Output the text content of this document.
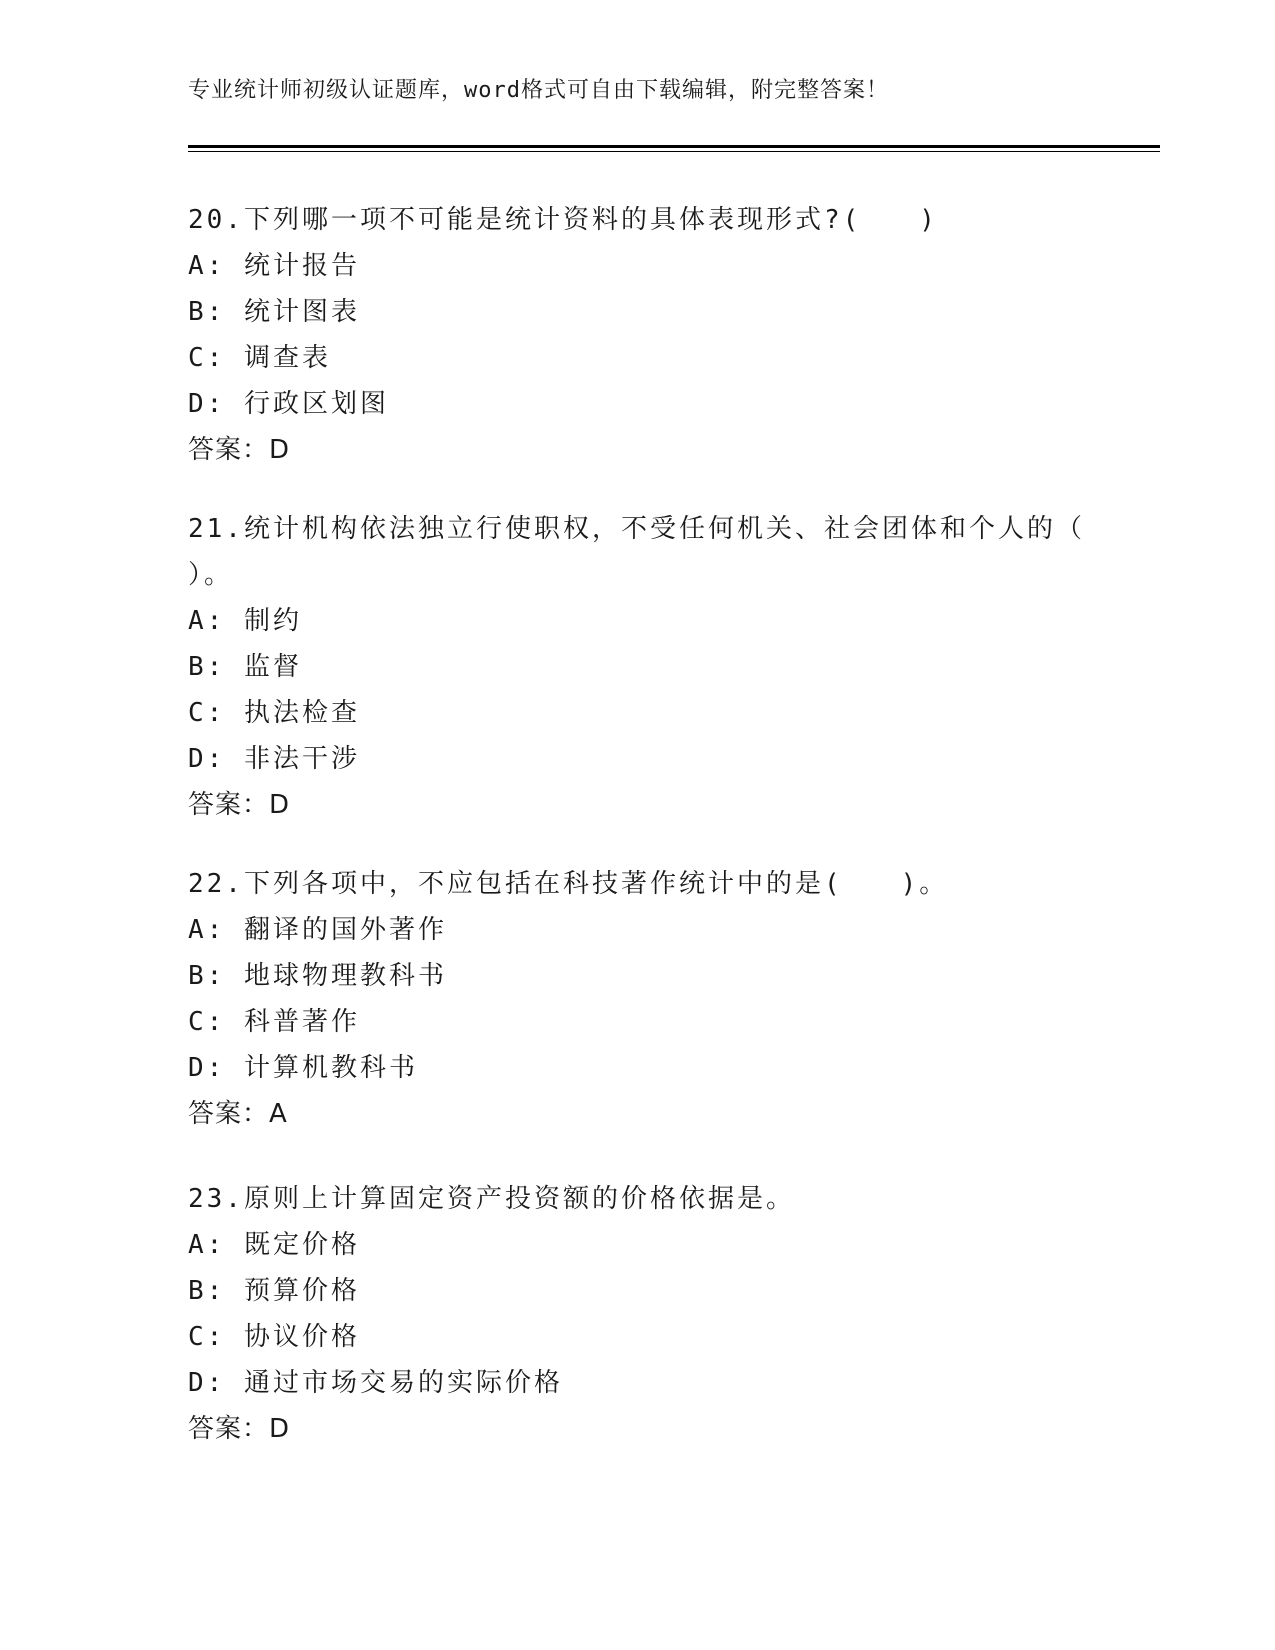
专业统计师初级认证题库，word格式可自由下载编辑，附完整答案！

20.下列哪一项不可能是统计资料的具体表现形式?(　　)

A: 统计报告
B: 统计图表
C: 调查表
D: 行政区划图
答案：D

21.统计机构依法独立行使职权，不受任何机关、社会团体和个人的（　　）。

A: 制约
B: 监督
C: 执法检查
D: 非法干涉
答案：D

22.下列各项中，不应包括在科技著作统计中的是(　　)。

A: 翻译的国外著作
B: 地球物理教科书
C: 科普著作
D: 计算机教科书
答案：A

23.原则上计算固定资产投资额的价格依据是。

A: 既定价格
B: 预算价格
C: 协议价格
D: 通过市场交易的实际价格
答案：D
